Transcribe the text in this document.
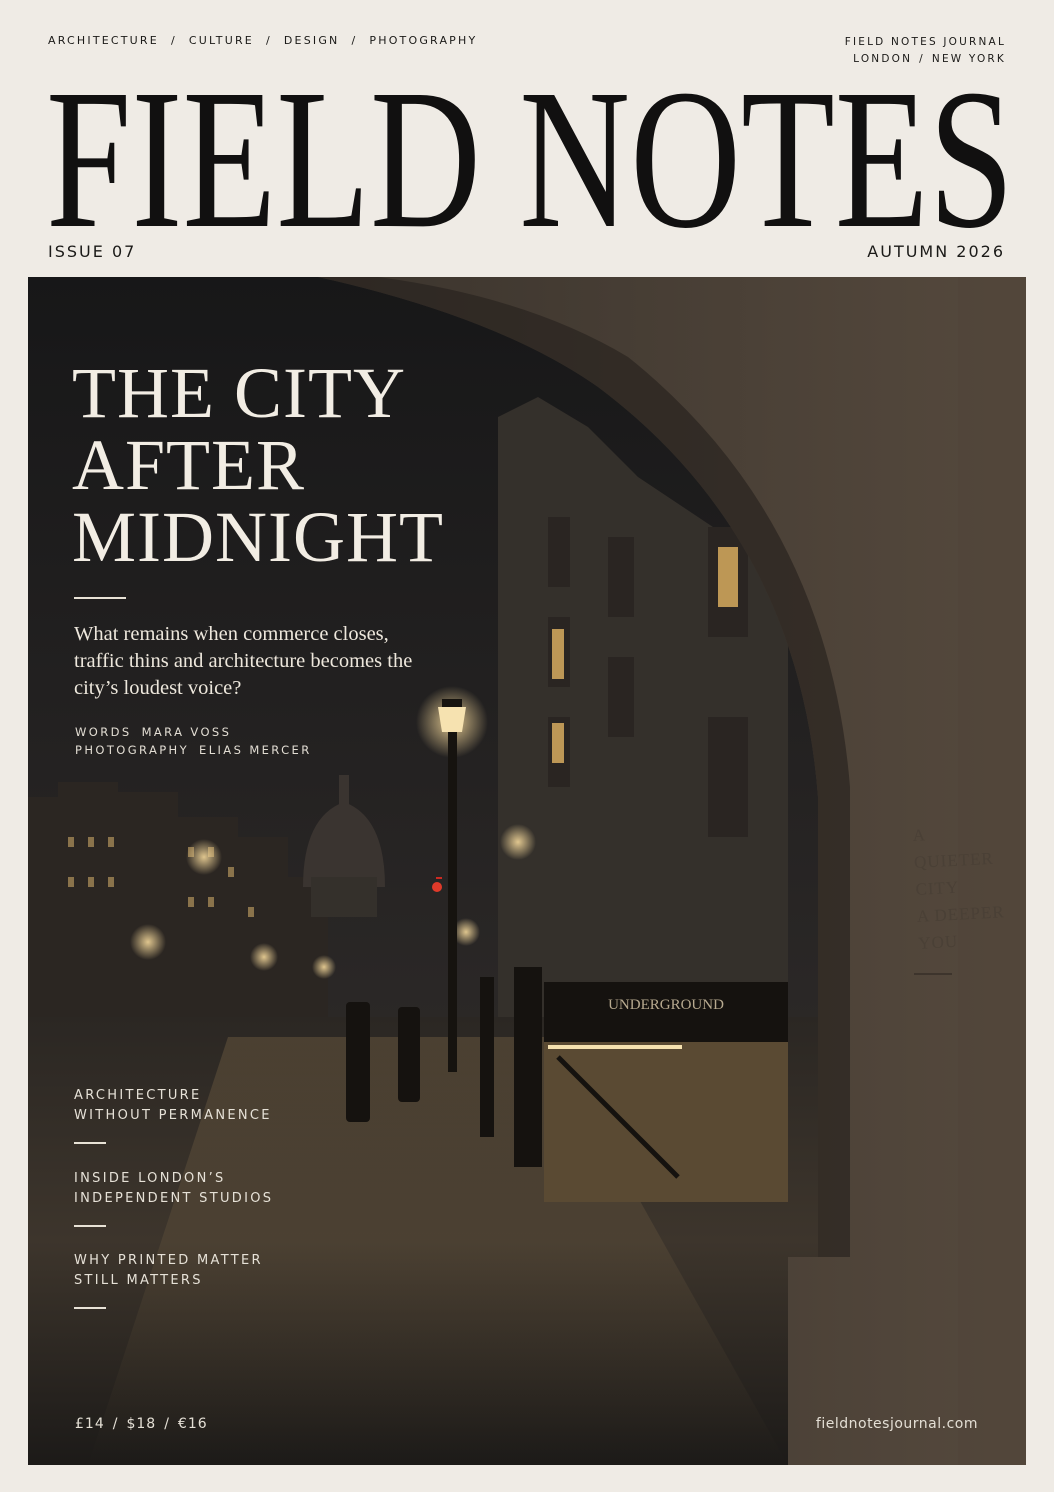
ARCHITECTURE / CULTURE / DESIGN / PHOTOGRAPHY	FIELD NOTES JOURNAL
LONDON / NEW YORK
FIELD NOTES
ISSUE 07	AUTUMN 2026
UNDERGROUND
THE CITY
AFTER
MIDNIGHT
What remains when commerce closes, traffic thins and architecture becomes the city’s loudest voice?
WORDS MARA VOSS
PHOTOGRAPHY ELIAS MERCER
ARCHITECTURE
WITHOUT PERMANENCE
INSIDE LONDON’S
INDEPENDENT STUDIOS
WHY PRINTED MATTER
STILL MATTERS
A
QUIETER
CITY
A DEEPER
YOU
£14 / $18 / €16	fieldnotesjournal.com
